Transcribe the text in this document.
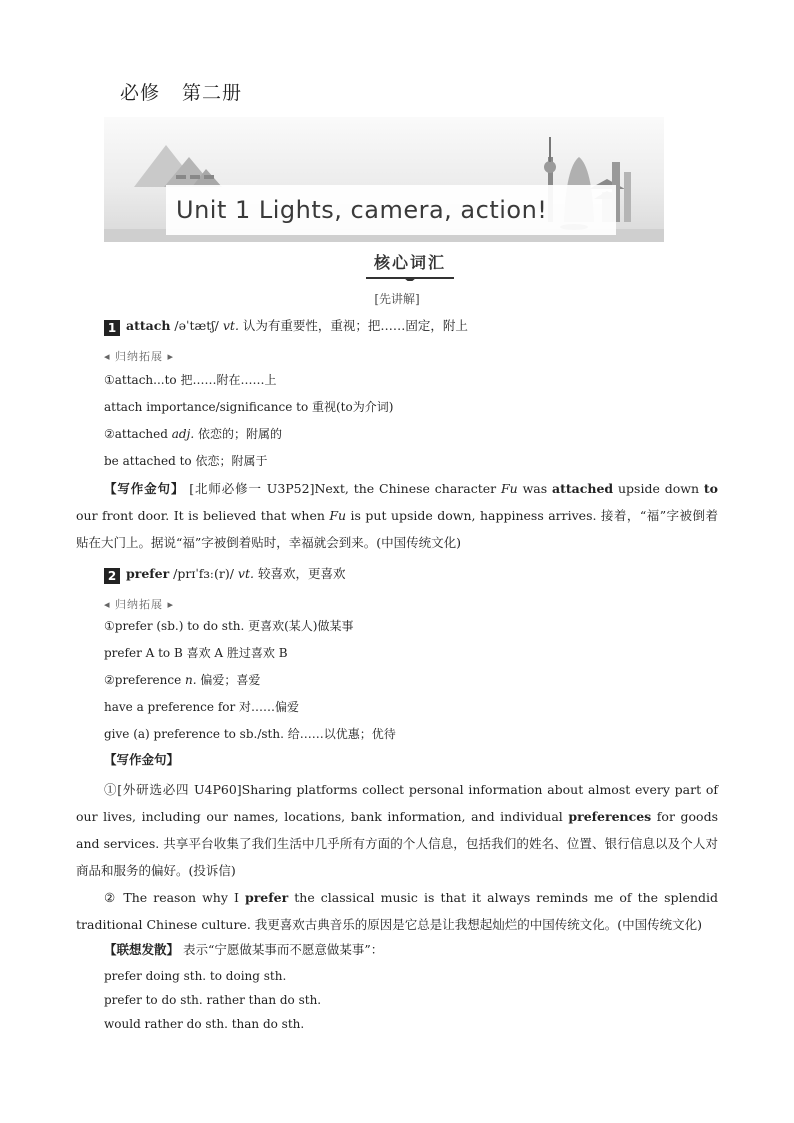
必修 第二册
Unit 1 Lights, camera, action!
核心词汇
[先讲解]
1 attach /əˈtætʃ/ vt. 认为有重要性，重视；把……固定，附上
◂ 归纳拓展 ▸
①attach...to 把……附在……上
attach importance/significance to 重视(to为介词)
②attached adj. 依恋的；附属的
be attached to 依恋；附属于
【写作金句】 [北师必修一 U3P52]Next, the Chinese character Fu was attached upside down to our front door. It is believed that when Fu is put upside down, happiness arrives. 接着，“福”字被倒着贴在大门上。据说“福”字被倒着贴时，幸福就会到来。(中国传统文化)
2 prefer /prɪˈfɜː(r)/ vt. 较喜欢，更喜欢
◂ 归纳拓展 ▸
①prefer (sb.) to do sth. 更喜欢(某人)做某事
prefer A to B 喜欢 A 胜过喜欢 B
②preference n. 偏爱；喜爱
have a preference for 对……偏爱
give (a) preference to sb./sth. 给……以优惠；优待
【写作金句】
①[外研选必四 U4P60]Sharing platforms collect personal information about almost every part of our lives, including our names, locations, bank information, and individual preferences for goods and services. 共享平台收集了我们生活中几乎所有方面的个人信息，包括我们的姓名、位置、银行信息以及个人对商品和服务的偏好。(投诉信)
② The reason why I prefer the classical music is that it always reminds me of the splendid traditional Chinese culture. 我更喜欢古典音乐的原因是它总是让我想起灿烂的中国传统文化。(中国传统文化)
【联想发散】 表示“宁愿做某事而不愿意做某事”：
prefer doing sth. to doing sth.
prefer to do sth. rather than do sth.
would rather do sth. than do sth.
